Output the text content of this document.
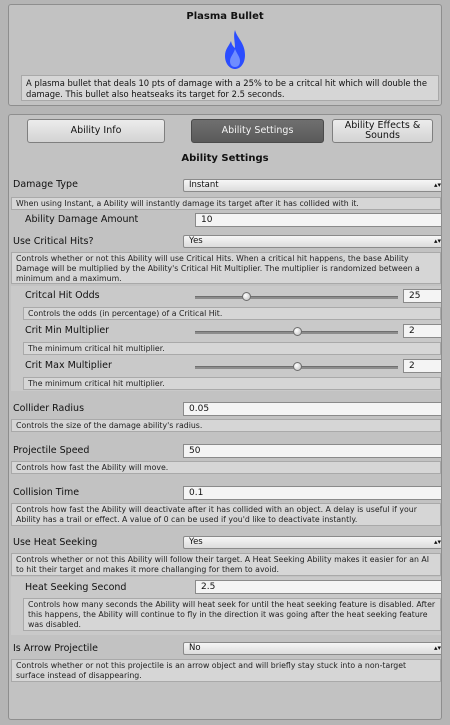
Plasma Bullet
A plasma bullet that deals 10 pts of damage with a 25% to be a critcal hit which will double the damage. This bullet also heatseaks its target for 2.5 seconds.
Ability Info	Ability Settings	Ability Effects & Sounds
Ability Settings
Damage Type	Instant	▴▾
When using Instant, a Ability will instantly damage its target after it has collided with it.
Ability Damage Amount	10
Use Critical Hits?	Yes	▴▾
Controls whether or not this Ability will use Critical Hits. When a critical hit happens, the base Ability Damage will be multiplied by the Ability's Critical Hit Multiplier. The multiplier is randomized between a minimum and a maximum.
Critcal Hit Odds	25
Controls the odds (in percentage) of a Critical Hit.
Crit Min Multiplier	2
The minimum critical hit multiplier.
Crit Max Multiplier	2
The minimum critical hit multiplier.
Collider Radius	0.05
Controls the size of the damage ability's radius.
Projectile Speed	50
Controls how fast the Ability will move.
Collision Time	0.1
Controls how fast the Ability will deactivate after it has collided with an object. A delay is useful if your Ability has a trail or effect. A value of 0 can be used if you'd like to deactivate instantly.
Use Heat Seeking	Yes	▴▾
Controls whether or not this Ability will follow their target. A Heat Seeking Ability makes it easier for an AI to hit their target and makes it more challanging for them to avoid.
Heat Seeking Second	2.5
Controls how many seconds the Ability will heat seek for until the heat seeking feature is disabled. After this happens, the Ability will continue to fly in the direction it was going after the heat seeking feature was disabled.
Is Arrow Projectile	No	▴▾
Controls whether or not this projectile is an arrow object and will briefly stay stuck into a non-target surface instead of disappearing.
